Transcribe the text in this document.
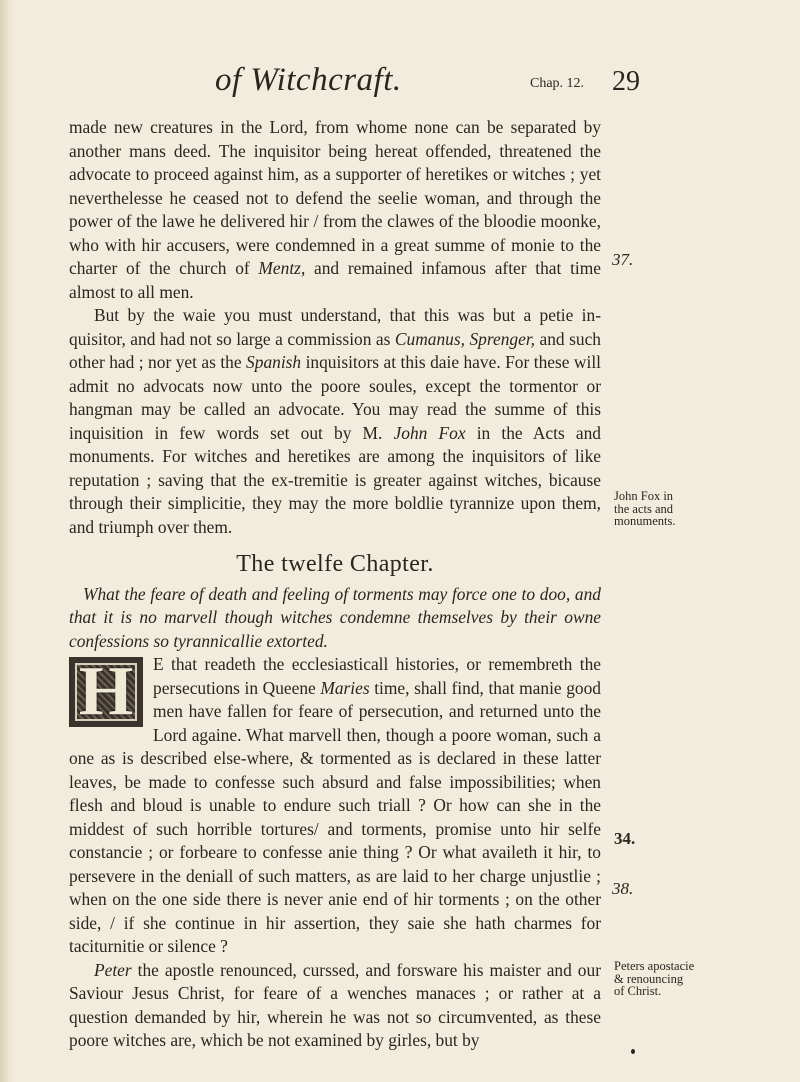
of Witchcraft.	Chap. 12. 29

made new creatures in the Lord, from whome none can be separated by another mans deed. The inquisitor being hereat offended, threatened the advocate to proceed against him, as a supporter of heretikes or witches ; yet neverthelesse he ceased not to defend the seelie woman, and through the power of the lawe he delivered hir / from the clawes of the bloodie moonke, who with hir accusers, were condemned in a great summe of monie to the charter of the church of Mentz, and remained infamous after that time almost to all men.

But by the waie you must understand, that this was but a petie in-quisitor, and had not so large a commission as Cumanus, Sprenger, and such other had ; nor yet as the Spanish inquisitors at this daie have. For these will admit no advocats now unto the poore soules, except the tormentor or hangman may be called an advocate. You may read the summe of this inquisition in few words set out by M. John Fox in the Acts and monuments. For witches and heretikes are among the inquisitors of like reputation ; saving that the ex-tremitie is greater against witches, bicause through their simplicitie, they may the more boldlie tyrannize upon them, and triumph over them.

The twelfe Chapter.

What the feare of death and feeling of torments may force one to doo, and that it is no marvell though witches condemne themselves by their owne confessions so tyrannicallie extorted.

H	E that readeth the ecclesiasticall histories, or remembreth the persecutions in Queene Maries time, shall find, that manie good men have fallen for feare of persecution, and returned unto the Lord againe. What marvell then, though a poore woman, such a one as is described else-where, & tormented as is declared in these latter leaves, be made to confesse such absurd and false impossibilities; when flesh and bloud is unable to endure such triall ? Or how can she in the middest of such horrible tortures/ and torments, promise unto hir selfe constancie ; or forbeare to confesse anie thing ? Or what availeth it hir, to persevere in the deniall of such matters, as are laid to her charge unjustlie ; when on the one side there is never anie end of hir torments ; on the other side, / if she continue in hir assertion, they saie she hath charmes for taciturnitie or silence ?

Peter the apostle renounced, curssed, and forsware his maister and our Saviour Jesus Christ, for feare of a wenches manaces ; or rather at a question demanded by hir, wherein he was not so circumvented, as these poore witches are, which be not examined by girles, but by

37.
John Fox in
the acts and
monuments.
34.
38.
Peters apostacie
& renouncing
of Christ.
